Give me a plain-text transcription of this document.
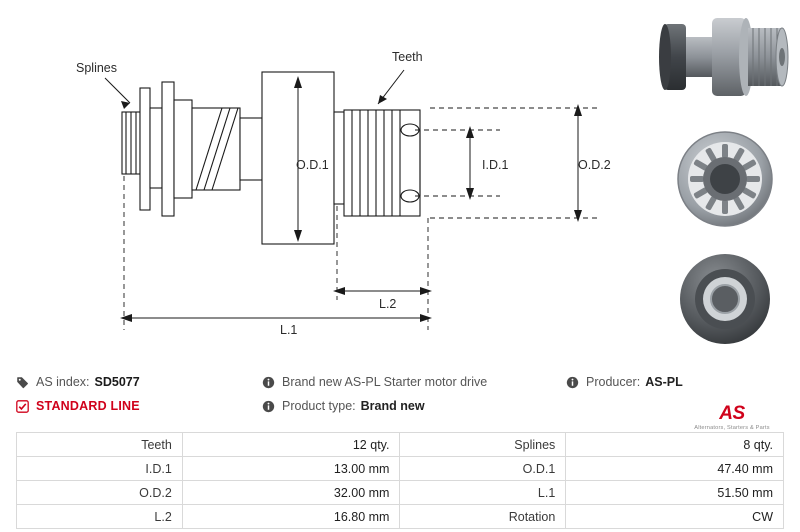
Splines
Teeth
O.D.1	I.D.1	O.D.2
L.1
L.2
AS index: SD5077	Brand new AS-PL Starter motor drive	Producer: AS-PL
STANDARD LINE	Product type: Brand new	AS
Alternators, Starters & Parts
Teeth	12 qty.	Splines	8 qty.
I.D.1	13.00 mm	O.D.1	47.40 mm
O.D.2	32.00 mm	L.1	51.50 mm
L.2	16.80 mm	Rotation	CW
